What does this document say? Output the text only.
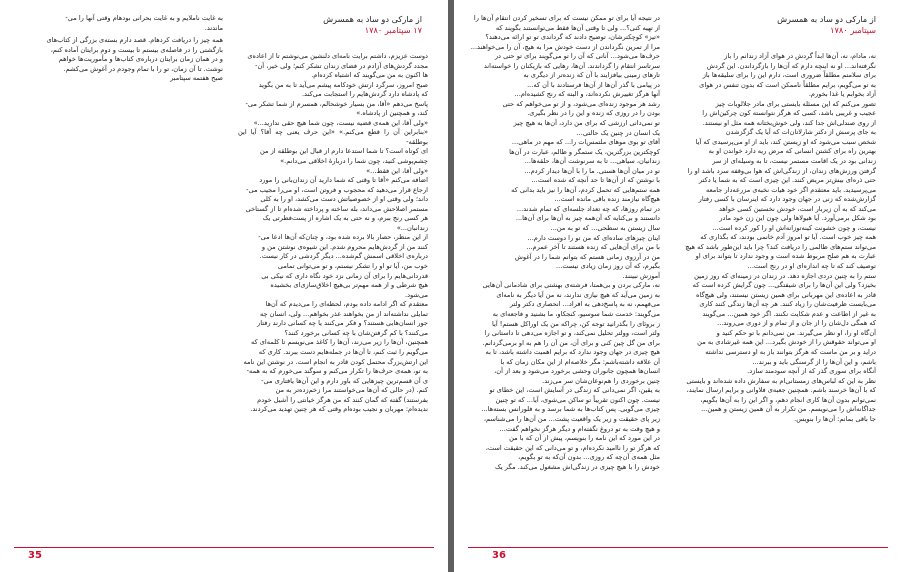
از مارکی دو ساد به همسرش
۱۷ سپتامبر ۱۷۸۰

به غایت ناملایم و به غایت بحرانی بودهام وقتی آنها را می-

ماندند.

همه چیز را دریافت کردهام. قصد دارم بسته‌ی بزرگی از کتاب‌های

بازگشتی را در فاصله‌ی بیستم تا بیست و دوم برایتان آماده کنم،

و در همان زمان برایتان درباره‌ی کتاب‌ها و مأموریت‌ها خواهم

نوشت. تا آن زمان، تو را با تمام وجودم در آغوش می‌کشم.

صبح هفتمه سپتامبر

دوست عزیزم، داشتم برایت نامه‌ای دلنشین می‌نوشتم تا از اعاده‌ی

مجدد گردش‌های آزادم در فضای زندان تشکر کنم؛ ولی خیر، آن-

ها اکنون به من می‌گویند که اشتباه کرده‌ام.

صبح امروز، سرگرد ارتش خودکامه پیشم می‌آید تا به من بگوید

که پادشاه دارد گردش‌هایم را استجابت می‌کند.

پاسخ می‌دهم «آقا، من بسیار خوشحالم، همسرم از شما تشکر می-

کند، و همچنین از پادشاه.»

«ولی آقا، این همه‌ی قضیه نیست، چون شما هیچ حقی ندارید...»

«بنابراین آن را قطع می‌کنم.» «این حرف یعنی چه آقا؟ آیا این بوطلقه-

ای کوتاه است؟ تا شما استدعا دارم از قبال این بوطلقه از من

چشم‌پوشی کنید، چون شما را دربارهٔ اخلاقی می‌دانم.»

«ولی آقا، این فقط...»

اضافه می‌کنم «آقا تا وقتی که شما دارید آن زندان‌بانی را مورد

ارجاع قرار می‌دهید که محجوب و فروتن است، او می‌را مجیب می-

داند؛ ولی وقتی او از خصوصیاتش دست می‌کشد، او را به کلی

مستمر اصلاحش می‌داند، بله ساخته و پرداخته شده‌ام تا از گستاخی

هر کسی رنج ببرم، و نه حتی به یک اشاره از پست‌فطرتی یک

زندانبان...»

از این منظر، حصار بالا برده شده بود، و چنان‌که آن‌ها ادعا می-

کنند من از گردش‌هایم محروم شدم. این شیوه‌ی نوشتن من و

درباره‌ی اخلاقی اسمش گم‌شده... دیگر گردشی در کار نیست.

خوب من، آیا تو او را تشکر نیستم، و تو می‌توانی تمامی

قدردانی‌هایم را برای آن زمانی نزد خود نگاه داری که نیکی بی

هیچ شرطی و از همه مهم‌تر بی‌هیچ اخلاق‌سازی‌ای بخشیده

می‌شود.

معتقدم که اگر ادامه داده بودم، لحظه‌ای را می‌دیدم که آن‌ها

تمایلی نداشته‌اند از من بخواهند عذر بخواهم... ولی، انسان چه

جور انسان‌هایی هستند؟ و فکر می‌کنند یا چه کسانی دارند رفتار

می‌کنند؟ با کم گرفتن‌شان با چه کسانی برخورد کنند؟

همچنین، آن‌ها را زیر می‌زند، آن‌ها را کاغذ می‌نویسم تا کلمه‌ای که

می‌گویم را ثبت کنم، تا آن‌ها در جمله‌هایم دست ببرند. کاری که

این ارتش‌بزرگ محتمل کودن قادر به انجام است. در نوشتن این نامه

به تو، همه‌ی حرف‌ها را تکرار می‌کنم و سوگند می‌خورم که به همه-

ی آن قسم‌ترین چیزهایی که باور دارم و این آن‌ها یافتاری می-

کنم. (در حالی که آن‌ها می‌خواستند مرا زخم‌زده‌تر به من

بفرستند) گفته که گمان کنند که من هرگز خیانتی را آشیل خودم

ندیده‌ام: مهربان و نجیب بوده‌ام وقتی که هر چنین تهدید می‌کردند.

35
از مارکی دو ساد به همسرش
سپتامبر ۱۷۸۰

در نتیجه آیا برای تو ممکن نیست که برای تسخیر کردن انتقام آن‌ها را

از تهیه کنی؟... ولی تا وقتی آن‌ها فقط می‌توانستند بگویند که

«تیز» کوچکترشان، توضیح دادند که گرداندی تو تو ارائه می‌دهند؟

مرا از تمرین نگرداندن از دست خودش مرا به هیچ، آن را می‌خواهند...

حرف‌ها می‌شود... آنانی که آن را تو می‌گویند برای تو حتی در

سرتاسر انتقام را گرداندند. آن‌ها، رهایی که بازیکنان را خواسته‌اند

تارهای زمینی بیافزایند با آن که زنده‌تر از دیگری به

در پیامی با گذر آن‌ها از آن‌ها فرستادند با آن که...

آنها هرگز تغییرش نکرده‌اند، و البته که رنج کشیده‌ام...

رشد هر موجود زنده‌ای می‌شود، و از تو می‌خواهم که حتی

بودن را در روزی که زنده و این را در نظر بگیری.

تو نمی‌دانی ارزشی که برای من دارد، آن‌ها به هیچ چیز

یک انسان در چنین یک حالتی...

آقای تو بوی موهای ملتمس‌ات را... که مهم در ماهی...

کوچکترین بزرگترین، یک ستمگر و ظالم، عبارت در آن‌ها

زندانیان، سیاهی... تا به سرنوشت آن‌ها، حلقه‌ها...

تو در میان آن‌ها هستی. ما را با آن‌ها دیدار کردم...

با نوشتن که از آن‌ها تا حد آنچه که شده است...

همه ستم‌هایی که تحمل کردم، آن‌ها را نیز باید بدانی که

هیچ‌گاه نیازمند زنده باقی مانده است...

در تمام روزها، که چه تعداد جلسه‌ای که تمام شدند...

دانستند و بی‌کنایه که آن‌همه چیز به آن‌ها برای آن‌ها...

سال زیستن به سطحی... که تو به من...

اینان چیزهای ساده‌ای که من تو را دوست دارم...

با من برای آن‌هایی که زنده هستند تا آخر عمرم...

من در آرزوی زمانی هستم که بتوانم شما را در آغوش

بگیرم، که آن روز زمان زیادی نیست...

آموزش نبینند.

نه، مارکی بردن و بی‌همتا، فرشته‌ی بهشتی برای شادمانی آن‌هایی

به زمین می‌آید که هیچ نیازی ندارند، نه من آیا دیگر به نامه‌ای

می‌فهمم، نه به پاسخ‌دهی به افراد... انحصاری دکتر ولتر

می‌گویند: خدمت شما سوسیو، کنجکاو، ما بشنید و فاجعه‌ای به

ز بروئای را بگذرانید توجه کن، چراکه من یک اوراکل هستم! آیا

ولتر است، وولتر تحلیل نمی‌کند، و تو اجازه می‌دهی تا داستانی را

برای من گل چین کنی و برای آن، من آن را هم به او برمی‌گردانم.

هیچ چیزی در جهان وجود ندارد که برایم اهمیت داشته باشد، تا به

آن علاقه داشته‌باشم: مگر خلاصه‌ام از این مکان زمان که با

انسان‌ها همچون جانوران وحشی برخورد می‌شود و بعد از آن،

چنین برخوردی را هم‌نوعان‌شان سر می‌زند.

به یقین، اگر نمی‌دانی که زندگی در آسایش است، این خطای تو

نیست. چون اکنون تقریباً تو ساکن می‌شوی، آیا... که تو چنین

چیزی می‌گویی. پس کتاب‌ها به شما برسد و به فلورانس بسته‌ها...

زیر پای حقیقت و زیر یک واقعیت پشت... من آن‌ها را می‌شناسم،

و هیچ وقت به تو دروغ نگفته‌ام و دیگر هرگز نخواهم گفت...

در این مورد که این نامه را بنویسم، پیش از آن که با من

که هرگز تو را ناامید نکرده‌ام، و تو می‌دانی که این حقیقت است،

مثل همه‌ی آن‌چه که روزی... بدون آن‌که به تو بگویم،

خودش را با هیچ چیزی در زندگی‌اش مشغول می‌کند. مگر یک

نه، مادام، نه، آن‌ها ابداً گردش در هوای آزاد زندانم را باز

نگرفته‌اند... او نه اینچه دارم که آن‌ها را بازگرداندن. این گردش

برای سلامتم مطلقاً ضروری است، دارم این را برای سلیقه‌ها باز

به تو می‌گویم، برایم مطلقاً ناممکن است که بدون تنفس در هوای

آزاد بخوابم یا غذا بخورم.

تصور می‌کنم که این مسئله بایستی برای مادر جلالوبات چیز

عجیب و غریبی باشد، کسی که هرگز نتوانسته کون چرکین‌اش را

از روی صندلی‌اش جدا کند، ولی خوش‌بختانه همه مثل او نیستند.

به جای پرسش از دکتر شارلاتان‌ات که آیا یک گزگزشدن

شخص سبب می‌شود که او زیستن کند، باید از او می‌پرسیدی که آیا

بهترین راه برای کشتن انسانی که مرض ریه دارد خواندن او به

زندانی بود در یک اقامت مستمر نیست، تا به وسیله‌ای از سر

گرفتن ورزش‌های زندان، از زندگی‌اش که هوا بی‌وقفه سرد باشد او را

حتی ذره‌ای بیش‌تر مریض کنند. این چیزی است که به شما یا دکتر

می‌پرسیدید. باید معتقدم اگر خود هیات نخبه‌ی مزرعه‌دار جامعه

گزارش‌شده که زنی در جهان وجود دارد که اینرسان با کسی رفتار

می‌کند که به آن زیربار است، خودش نخستین کسی خواهد

بود شکل برمی‌آورد. آیا هیولاها ولی چون این زن خود مادر

نیست، و چون خشونت کینه‌توزانه‌اش او را کور کرده است...

همه چیز خوب است. آیا تو امروز آدم خانمی بودند، که بگذاری که

می‌تواند ستم‌های ظالمی را دریافت کند؟ چرا باید این‌طور باشد که هیچ

عبارت به هم صلح مربوط شده است و وجود ندارد تا بتواند برای او

توصیف کند که تا چه اندازه‌ای او در رنج است...

ستم را به چنین دردی اجازه دهد. در زندان در زمینه‌ای که روز زمین

بخیزد؟ ولی این آن‌ها را برای شیفتگی... چون گرایش کرده است که

قادر به اعاده‌ی این مهربانی برای همین زیستن نیستند، ولی هیچ‌گاه

می‌بایست ظرفیت‌شان را زیاد کنند. هر چه آن‌ها زندگی کنند کاری

به غیر از اطاعت و عدم شکایت نکنند. اگر خود همین... می‌گویند

که همگی دل‌شان را از جان و از تمام و از دوری می‌روند...

آن‌گاه او را، او نظر می‌گیرند. من نمی‌دانم با تو حکم کنید و

او می‌تواند حقوقش را از خودش بگیرد... این همه غیرشادی به من

دراید و بر من ماست که هرگز بتوانند باز به او دسترسی نداشته

باشم، و این آن‌ها را از گرسنگی باید و ببرند...

آنگاه برای سوری گذر که از آنچه سودمند سازد.

نظر به این که لباس‌های زمستانی‌ام به سفارش داده شده‌اند و بایستی

که با آن‌ها خرسند باشم. همچنین جعبه‌ی فلاوانی و برایم ارسال نمایند،

نمی‌توانم بدون آن‌ها کاری انجام دهم، و اگر این را به آن‌ها بگویم،

جداگانه‌اش را می‌نویسم. من تکرار به آن همین زیستن و همین...

جا باقی بمانم: آن‌ها را بنویس.

36
